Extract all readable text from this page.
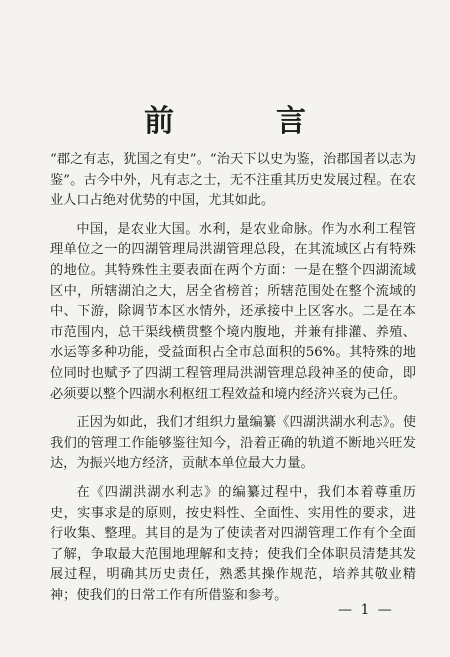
前　言

“郡之有志，犹国之有史”。“治天下以史为鉴，治郡国者以志为鉴”。古今中外，凡有志之士，无不注重其历史发展过程。在农业人口占绝对优势的中国，尤其如此。

中国，是农业大国。水利，是农业命脉。作为水利工程管理单位之一的四湖管理局洪湖管理总段，在其流域区占有特殊的地位。其特殊性主要表面在两个方面：一是在整个四湖流域区中，所辖湖泊之大，居全省榜首；所辖范围处在整个流域的中、下游，除调节本区水情外，还承接中上区客水。二是在本市范围内，总干渠线横贯整个境内腹地，并兼有排灌、养殖、水运等多种功能，受益面积占全市总面积的56%。其特殊的地位同时也赋予了四湖工程管理局洪湖管理总段神圣的使命，即必须要以整个四湖水利枢纽工程效益和境内经济兴衰为己任。

正因为如此，我们才组织力量编纂《四湖洪湖水利志》。使我们的管理工作能够鉴往知今，沿着正确的轨道不断地兴旺发达，为振兴地方经济，贡献本单位最大力量。

在《四湖洪湖水利志》的编纂过程中，我们本着尊重历史，实事求是的原则，按史料性、全面性、实用性的要求，进行收集、整理。其目的是为了使读者对四湖管理工作有个全面了解，争取最大范围地理解和支持；使我们全体职员清楚其发展过程，明确其历史责任，熟悉其操作规范，培养其敬业精神；使我们的日常工作有所借鉴和参考。

— 1 —
